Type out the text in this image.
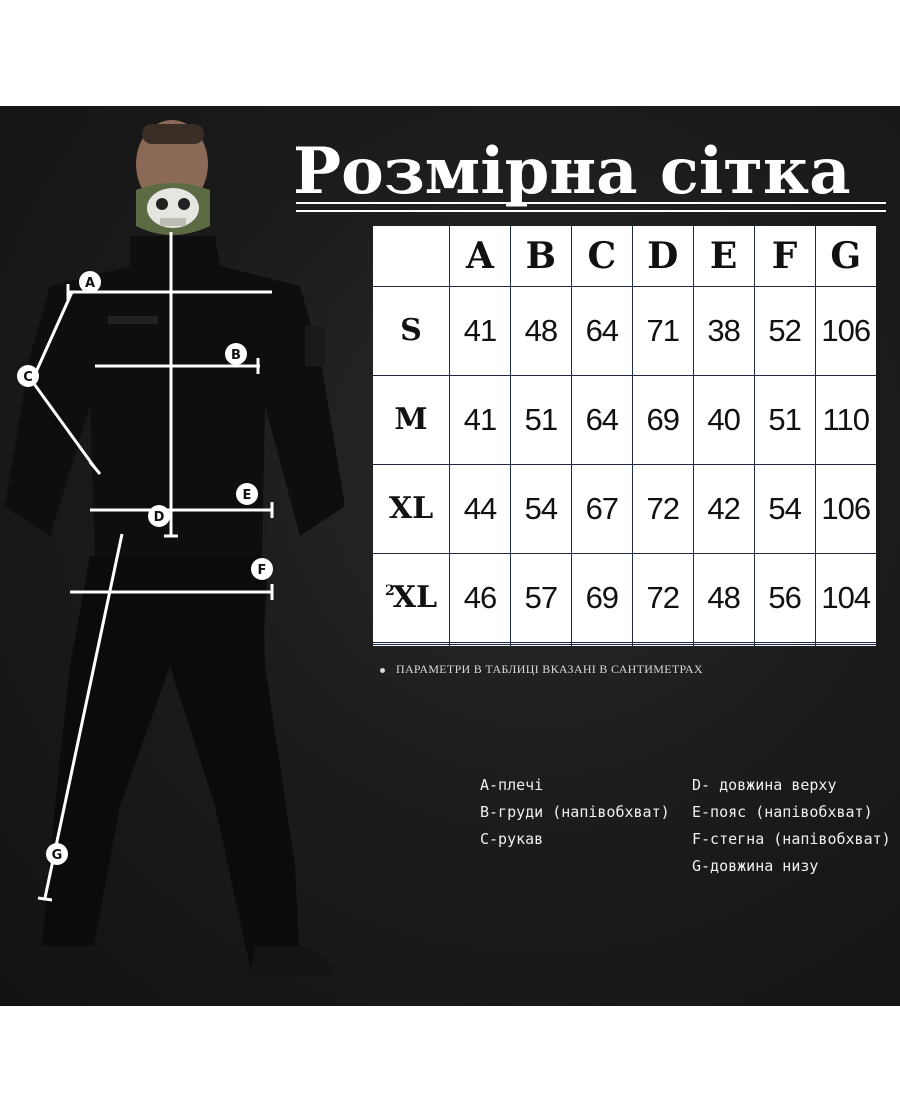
A
B
C
D
E
F
G
Розмірна сітка
	A	B	C	D	E	F	G
S	41	48	64	71	38	52	106
M	41	51	64	69	40	51	110
XL	44	54	67	72	42	54	106
$^2$XL	46	57	69	72	48	56	104

ПАРАМЕТРИ В ТАБЛИЦІ ВКАЗАНІ В САНТИМЕТРАХ
A-плечі
B-груди (напівобхват)
C-рукав
D- довжина верху
E-пояс (напівобхват)
F-стегна (напівобхват)
G-довжина низу
